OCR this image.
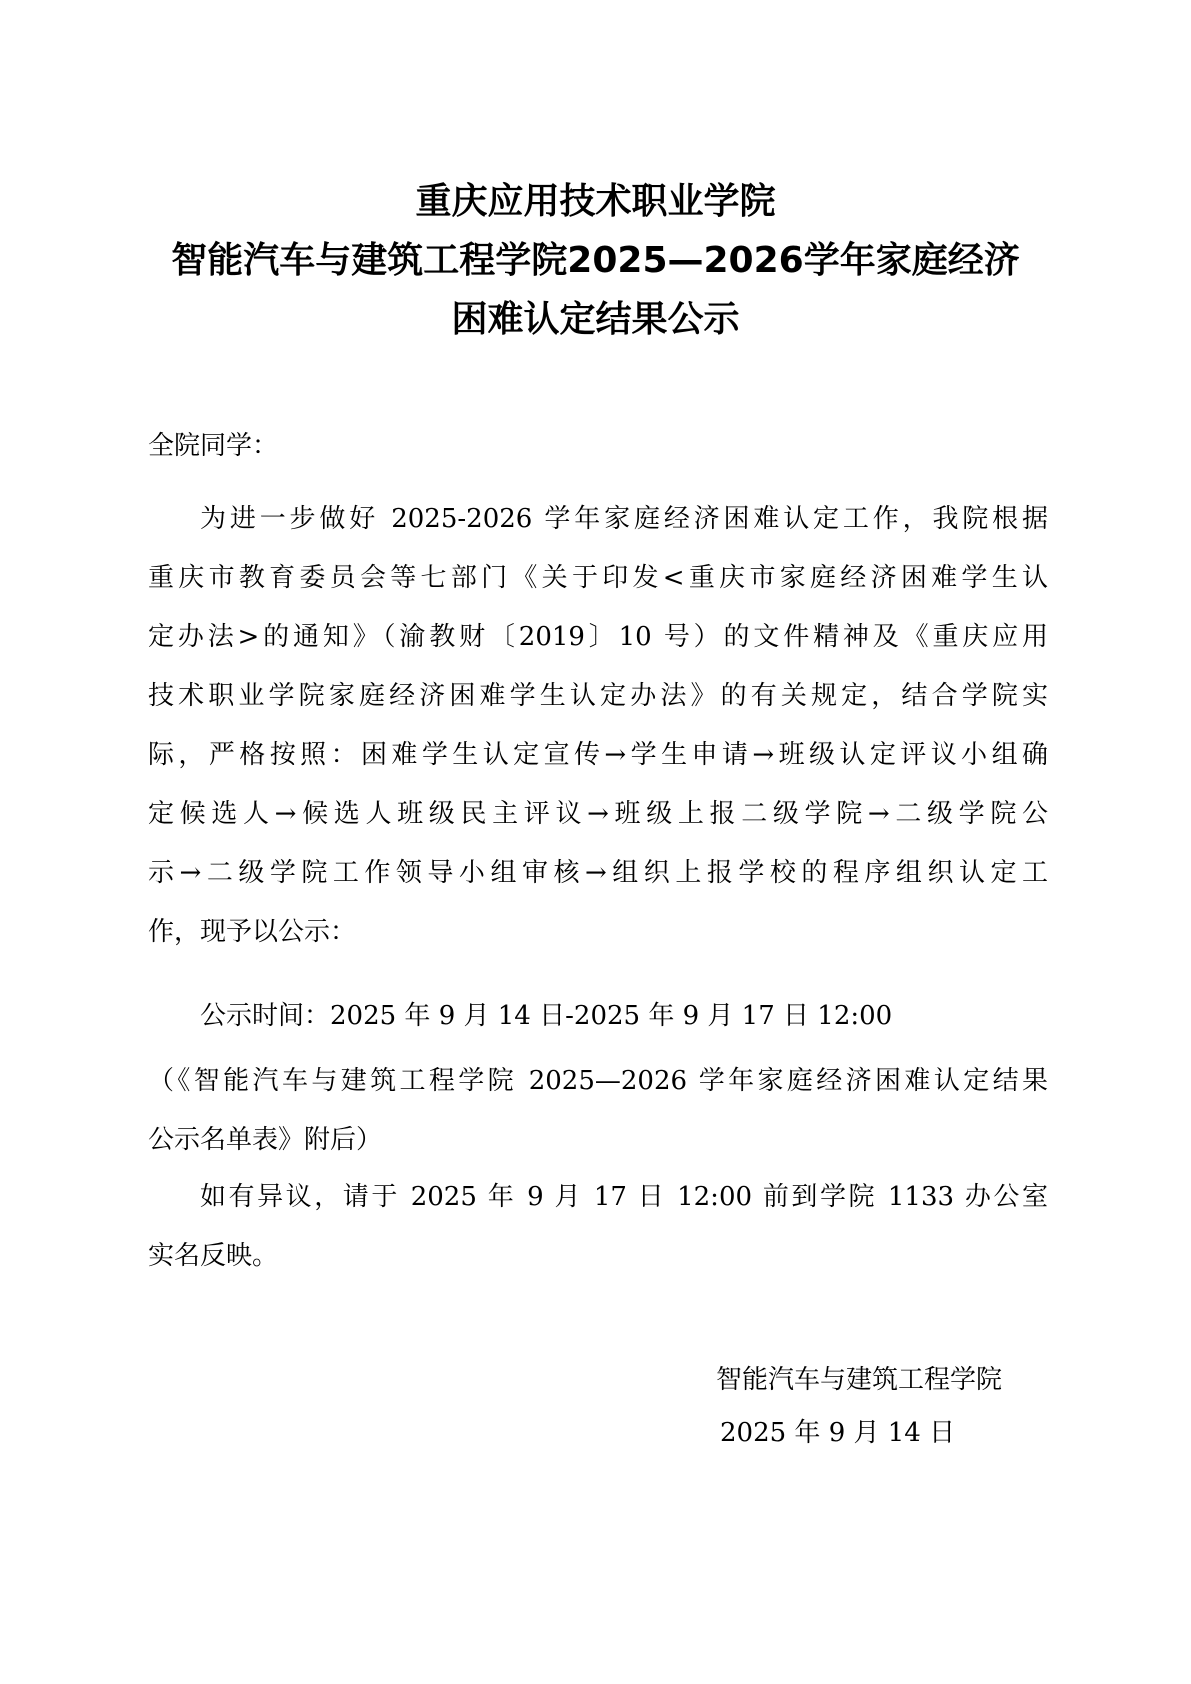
重庆应用技术职业学院
智能汽车与建筑工程学院2025—2026学年家庭经济
困难认定结果公示
全院同学：
为进一步做好 2025-2026 学年家庭经济困难认定工作，我院根据
重庆市教育委员会等七部门《关于印发<重庆市家庭经济困难学生认
定办法>的通知》（渝教财〔2019〕10 号）的文件精神及《重庆应用
技术职业学院家庭经济困难学生认定办法》的有关规定，结合学院实
际，严格按照：困难学生认定宣传→学生申请→班级认定评议小组确
定候选人→候选人班级民主评议→班级上报二级学院→二级学院公
示→二级学院工作领导小组审核→组织上报学校的程序组织认定工
作，现予以公示：
公示时间：2025 年 9 月 14 日-2025 年 9 月 17 日 12:00
（《智能汽车与建筑工程学院 2025—2026 学年家庭经济困难认定结果
公示名单表》附后）
如有异议，请于 2025 年 9 月 17 日 12:00 前到学院 1133 办公室
实名反映。
智能汽车与建筑工程学院
2025 年 9 月 14 日
